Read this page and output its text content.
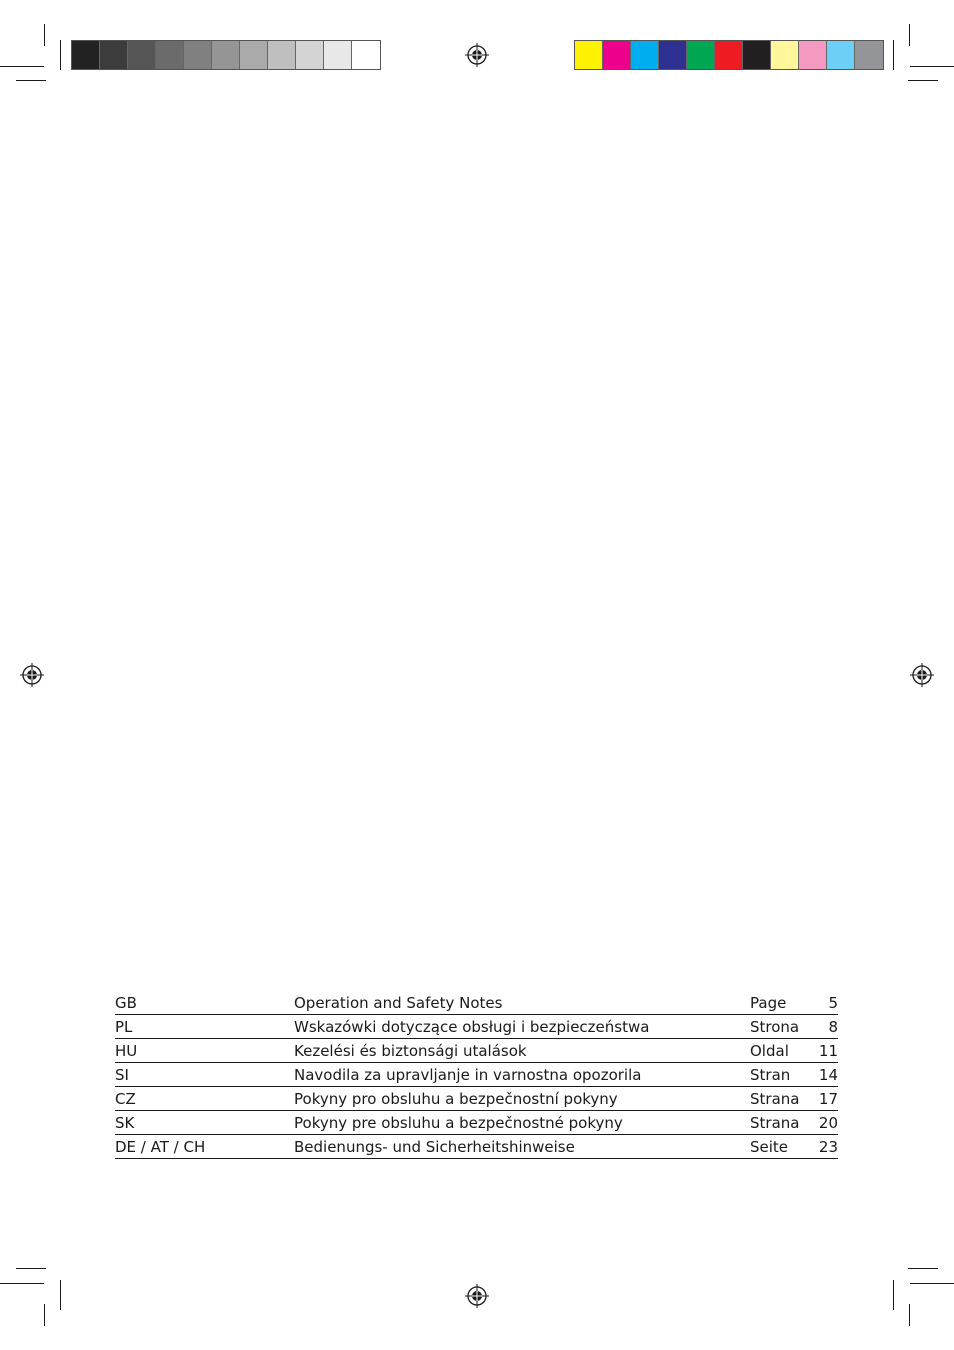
GB	Operation and Safety Notes	Page	5
PL	Wskazówki dotyczące obsługi i bezpieczeństwa	Strona	8
HU	Kezelési és biztonsági utalások	Oldal	11
SI	Navodila za upravljanje in varnostna opozorila	Stran	14
CZ	Pokyny pro obsluhu a bezpečnostní pokyny	Strana	17
SK	Pokyny pre obsluhu a bezpečnostné pokyny	Strana	20
DE / AT / CH	Bedienungs- und Sicherheitshinweise	Seite	23
